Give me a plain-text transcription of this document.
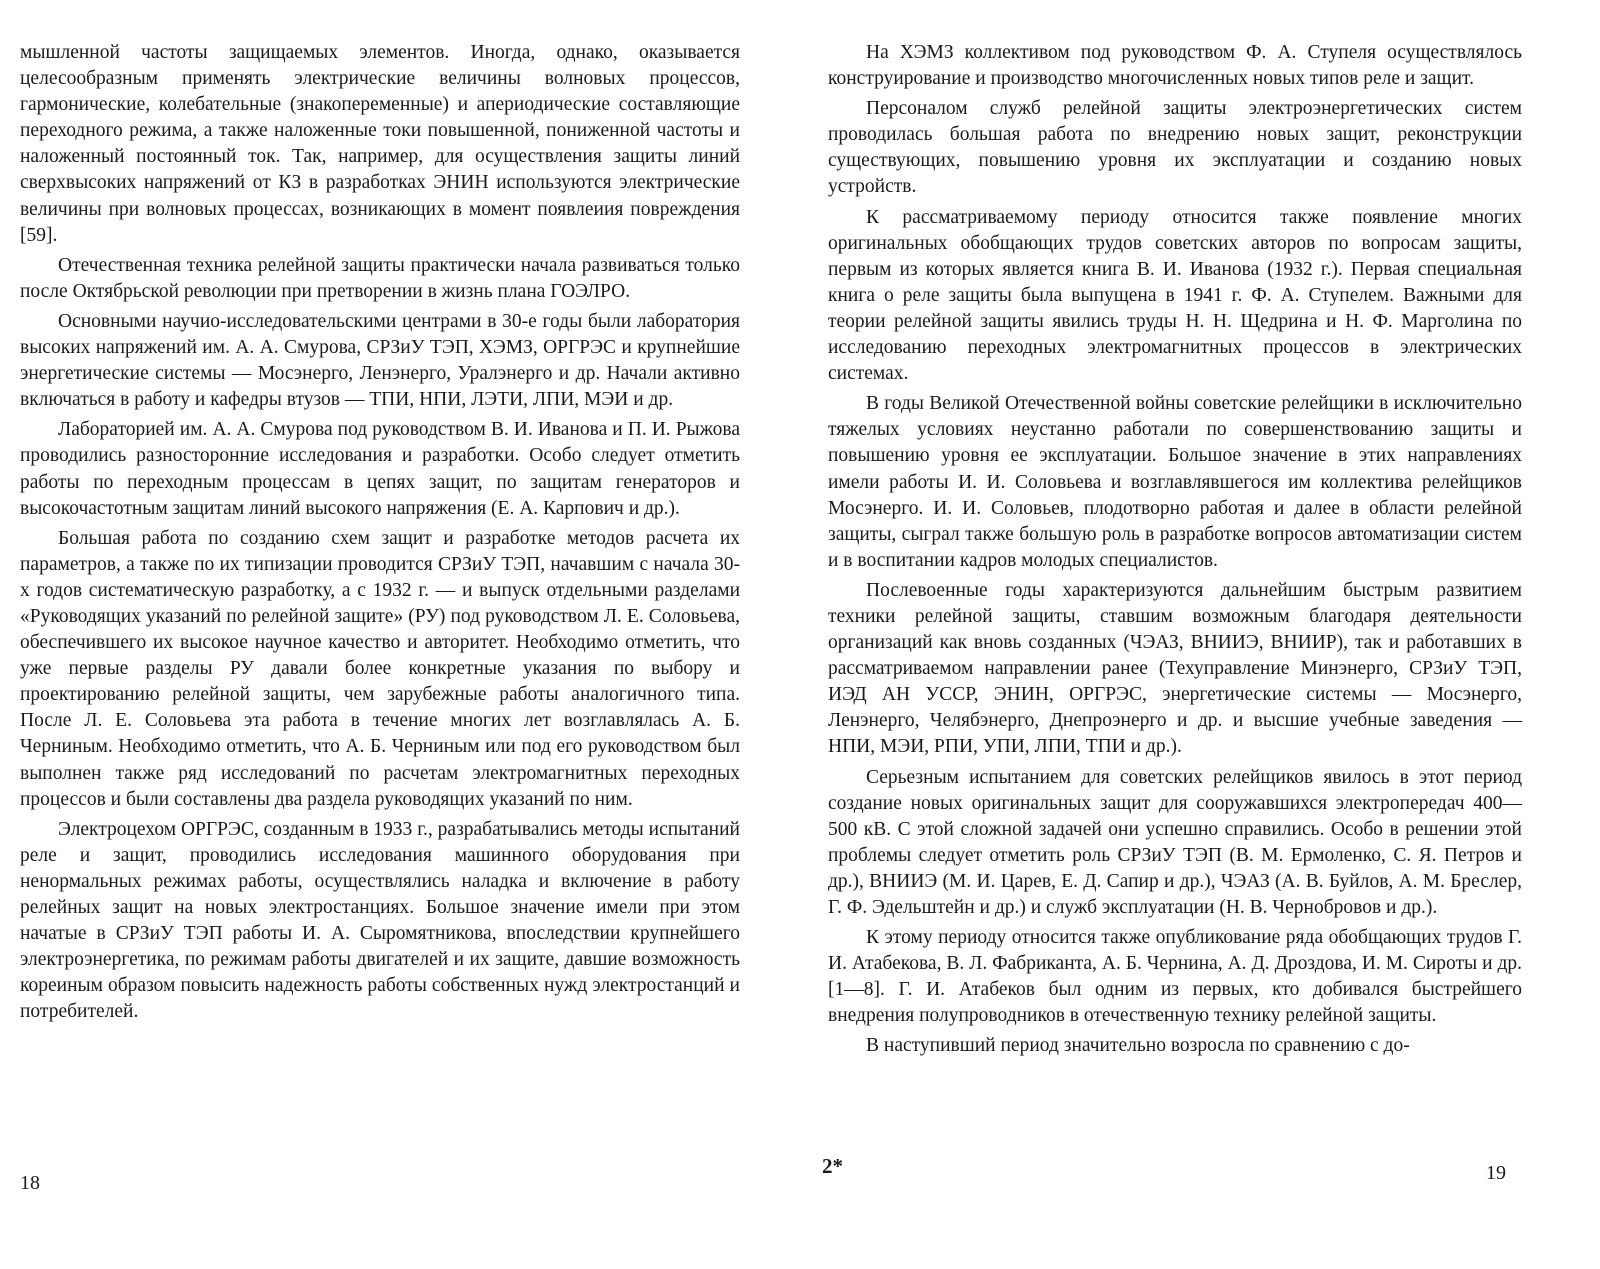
мышленной частоты защищаемых элементов. Иногда, однако, оказывается целесообразным применять электрические величины волновых процессов, гармонические, колебательные (знакопеременные) и апериодические составляющие переходного режима, а также наложенные токи повышенной, пониженной частоты и наложенный постоянный ток. Так, например, для осуществления защиты линий сверхвысоких напряжений от КЗ в разработках ЭНИН используются электрические величины при волновых процессах, возникающих в момент появлеиия повреждения [59].

Отечественная техника релейной защиты практически начала развиваться только после Октябрьской революции при претворении в жизнь плана ГОЭЛРО.

Основными научио-исследовательскими центрами в 30-е годы были лаборатория высоких напряжений им. А. А. Смурова, СРЗиУ ТЭП, ХЭМЗ, ОРГРЭС и крупнейшие энергетические системы — Мосэнерго, Ленэнерго, Уралэнерго и др. Начали активно включаться в работу и кафедры втузов — ТПИ, НПИ, ЛЭТИ, ЛПИ, МЭИ и др.

Лабораторией им. А. А. Смурова под руководством В. И. Иванова и П. И. Рыжова проводились разносторонние исследования и разработки. Особо следует отметить работы по переходным процессам в цепях защит, по защитам генераторов и высокочастотным защитам линий высокого напряжения (Е. А. Карпович и др.).

Большая работа по созданию схем защит и разработке методов расчета их параметров, а также по их типизации проводится СРЗиУ ТЭП, начавшим с начала 30-х годов систематическую разработку, а с 1932 г. — и выпуск отдельными разделами «Руководящих указаний по релейной защите» (РУ) под руководством Л. Е. Соловьева, обеспечившего их высокое научное качество и авторитет. Необходимо отметить, что уже первые разделы РУ давали более конкретные указания по выбору и проектированию релейной защиты, чем зарубежные работы аналогичного типа. После Л. Е. Соловьева эта работа в течение многих лет возглавлялась А. Б. Черниным. Необходимо отметить, что А. Б. Черниным или под его руководством был выполнен также ряд исследований по расчетам электромагнитных переходных процессов и были составлены два раздела руководящих указаний по ним.

Электроцехом ОРГРЭС, созданным в 1933 г., разрабатывались методы испытаний реле и защит, проводились исследования машинного оборудования при ненормальных режимах работы, осуществлялись наладка и включение в работу релейных защит на новых электростанциях. Большое значение имели при этом начатые в СРЗиУ ТЭП работы И. А. Сыромятникова, впоследствии крупнейшего электроэнергетика, по режимам работы двигателей и их защите, давшие возможность кореиным образом повысить надежность работы собственных нужд электростанций и потребителей.

На ХЭМЗ коллективом под руководством Ф. А. Ступеля осуществлялось конструирование и производство многочисленных новых типов реле и защит.

Персоналом служб релейной защиты электроэнергетических систем проводилась большая работа по внедрению новых защит, реконструкции существующих, повышению уровня их эксплуатации и созданию новых устройств.

К рассматриваемому периоду относится также появление многих оригинальных обобщающих трудов советских авторов по вопросам защиты, первым из которых является книга В. И. Иванова (1932 г.). Первая специальная книга о реле защиты была выпущена в 1941 г. Ф. А. Ступелем. Важными для теории релейной защиты явились труды Н. Н. Щедрина и Н. Ф. Марголина по исследованию переходных электромагнитных процессов в электрических системах.

В годы Великой Отечественной войны советские релейщики в исключительно тяжелых условиях неустанно работали по совершенствованию защиты и повышению уровня ее эксплуатации. Большое значение в этих направлениях имели работы И. И. Соловьева и возглавлявшегося им коллектива релейщиков Мосэнерго. И. И. Соловьев, плодотворно работая и далее в области релейной защиты, сыграл также большую роль в разработке вопросов автоматизации систем и в воспитании кадров молодых специалистов.

Послевоенные годы характеризуются дальнейшим быстрым развитием техники релейной защиты, ставшим возможным благодаря деятельности организаций как вновь созданных (ЧЭАЗ, ВНИИЭ, ВНИИР), так и работавших в рассматриваемом направлении ранее (Техуправление Минэнерго, СРЗиУ ТЭП, ИЭД АН УССР, ЭНИН, ОРГРЭС, энергетические системы — Мосэнерго, Ленэнерго, Челябэнерго, Днепроэнерго и др. и высшие учебные заведения — НПИ, МЭИ, РПИ, УПИ, ЛПИ, ТПИ и др.).

Серьезным испытанием для советских релейщиков явилось в этот период создание новых оригинальных защит для сооружавшихся электропередач 400—500 кВ. С этой сложной задачей они успешно справились. Особо в решении этой проблемы следует отметить роль СРЗиУ ТЭП (В. М. Ермоленко, С. Я. Петров и др.), ВНИИЭ (М. И. Царев, Е. Д. Сапир и др.), ЧЭАЗ (А. В. Буйлов, А. М. Бреслер, Г. Ф. Эдельштейн и др.) и служб эксплуатации (Н. В. Чернобровов и др.).

К этому периоду относится также опубликование ряда обобщающих трудов Г. И. Атабекова, В. Л. Фабриканта, А. Б. Чернина, А. Д. Дроздова, И. М. Сироты и др. [1—8]. Г. И. Атабеков был одним из первых, кто добивался быстрейшего внедрения полупроводников в отечественную технику релейной защиты.

В наступивший период значительно возросла по сравнению с до-

18
2*	19
